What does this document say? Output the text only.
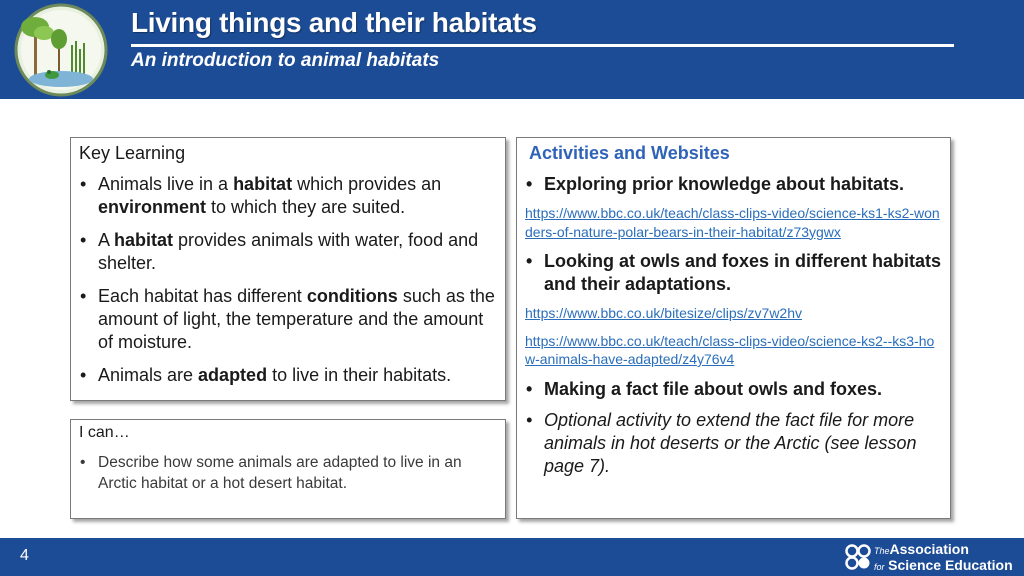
Living things and their habitats
An introduction to animal habitats
Key Learning
• Animals live in a habitat which provides an environment to which they are suited.
• A habitat provides animals with water, food and shelter.
• Each habitat has different conditions such as the amount of light, the temperature and the amount of moisture.
• Animals are adapted to live in their habitats.
I can…
• Describe how some animals are adapted to live in an Arctic habitat or a hot desert habitat.
Activities and Websites
• Exploring prior knowledge about habitats.
https://www.bbc.co.uk/teach/class-clips-video/science-ks1-ks2-wonders-of-nature-polar-bears-in-their-habitat/z73ygwx
• Looking at owls and foxes in different habitats and their adaptations.
https://www.bbc.co.uk/bitesize/clips/zv7w2hv
https://www.bbc.co.uk/teach/class-clips-video/science-ks2--ks3-how-animals-have-adapted/z4y76v4
• Making a fact file about owls and foxes.
• Optional activity to extend the fact file for more animals in hot deserts or the Arctic (see lesson page 7).
4	TheAssociation
for Science Education
